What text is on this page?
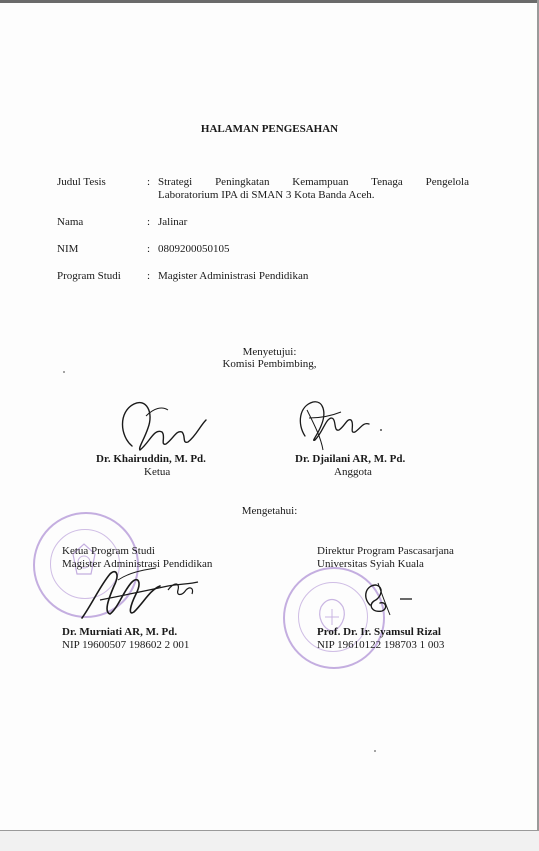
HALAMAN PENGESAHAN
Judul Tesis	: Strategi Peningkatan Kemampuan Tenaga Pengelola
Laboratorium IPA di SMAN 3 Kota Banda Aceh.
Nama	: Jalinar
NIM	: 0809200050105
Program Studi : Magister Administrasi Pendidikan
Menyetujui:
Komisi Pembimbing,
Dr. Khairuddin, M. Pd.
Ketua
Dr. Djailani AR, M. Pd.
Anggota
Mengetahui:
Ketua Program Studi
Magister Administrasi Pendidikan
Direktur Program Pascasarjana
Universitas Syiah Kuala
Dr. Murniati AR, M. Pd.
NIP 19600507 198602 2 001
Prof. Dr. Ir. Syamsul Rizal
NIP 19610122 198703 1 003
